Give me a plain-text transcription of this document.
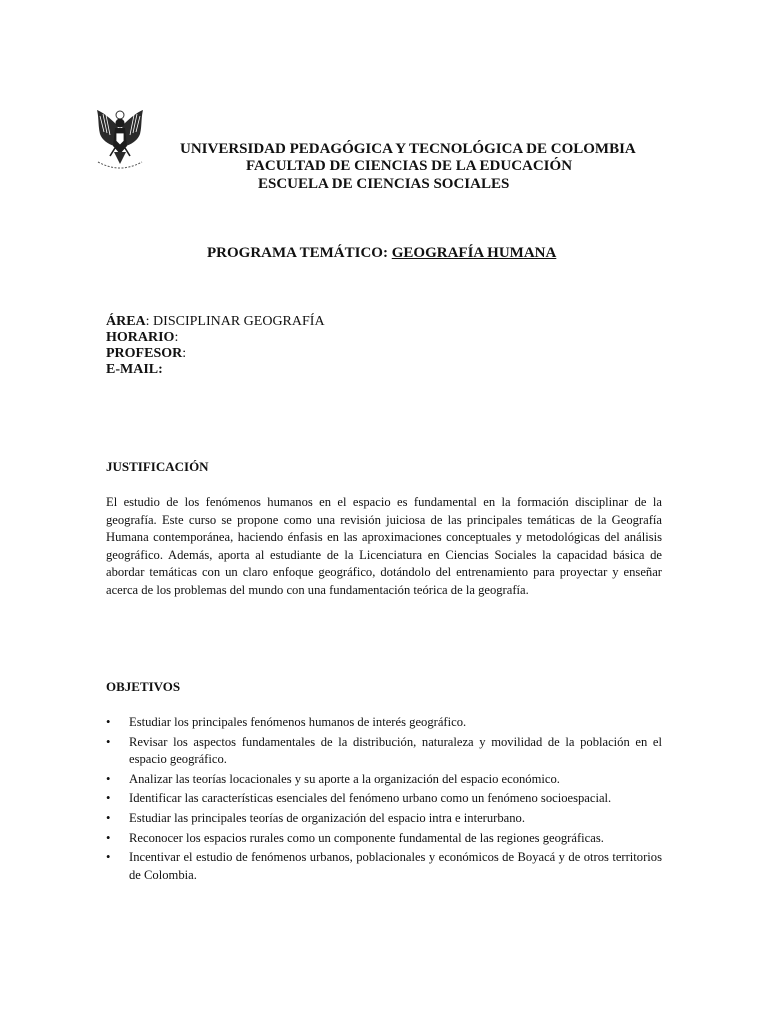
UNIVERSIDAD PEDAGÓGICA Y TECNOLÓGICA DE COLOMBIA
FACULTAD DE CIENCIAS DE LA EDUCACIÓN
ESCUELA DE CIENCIAS SOCIALES
PROGRAMA TEMÁTICO: GEOGRAFÍA HUMANA
ÁREA: DISCIPLINAR GEOGRAFÍA
HORARIO:
PROFESOR:
E-MAIL:
JUSTIFICACIÓN
El estudio de los fenómenos humanos en el espacio es fundamental en la formación disciplinar de la geografía. Este curso se propone como una revisión juiciosa de las principales temáticas de la Geografía Humana contemporánea, haciendo énfasis en las aproximaciones conceptuales y metodológicas del análisis geográfico. Además, aporta al estudiante de la Licenciatura en Ciencias Sociales la capacidad básica de abordar temáticas con un claro enfoque geográfico, dotándolo del entrenamiento para proyectar y enseñar acerca de los problemas del mundo con una fundamentación teórica de la geografía.
OBJETIVOS
• Estudiar los principales fenómenos humanos de interés geográfico.
• Revisar los aspectos fundamentales de la distribución, naturaleza y movilidad de la población en el espacio geográfico.
• Analizar las teorías locacionales y su aporte a la organización del espacio económico.
• Identificar las características esenciales del fenómeno urbano como un fenómeno socioespacial.
• Estudiar las principales teorías de organización del espacio intra e interurbano.
• Reconocer los espacios rurales como un componente fundamental de las regiones geográficas.
• Incentivar el estudio de fenómenos urbanos, poblacionales y económicos de Boyacá y de otros territorios de Colombia.
